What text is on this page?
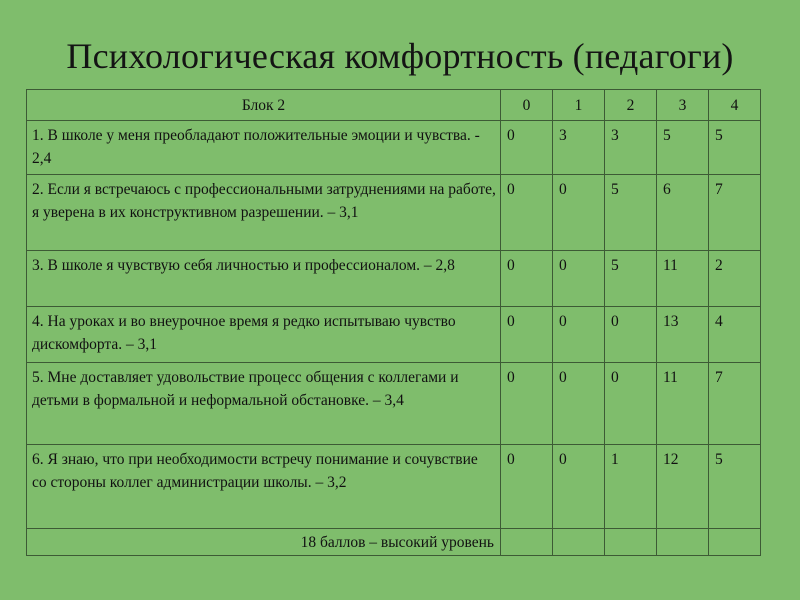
Психологическая комфортность (педагоги)
Блок 2	0	1	2	3	4
1. В школе у меня преобладают положительные эмоции и чувства. - 2,4	0	3	3	5	5
2. Если я встречаюсь с профессиональными затруднениями на работе, я уверена в их конструктивном разрешении. – 3,1	0	0	5	6	7
3. В школе я чувствую себя личностью и профессионалом. – 2,8	0	0	5	11	2
4. На уроках и во внеурочное время я редко испытываю чувство дискомфорта. – 3,1	0	0	0	13	4
5. Мне доставляет удовольствие процесс общения с коллегами и детьми в формальной и неформальной обстановке. – 3,4	0	0	0	11	7
6. Я знаю, что при необходимости встречу понимание и сочувствие со стороны коллег администрации школы. – 3,2	0	0	1	12	5
18 баллов – высокий уровень					
